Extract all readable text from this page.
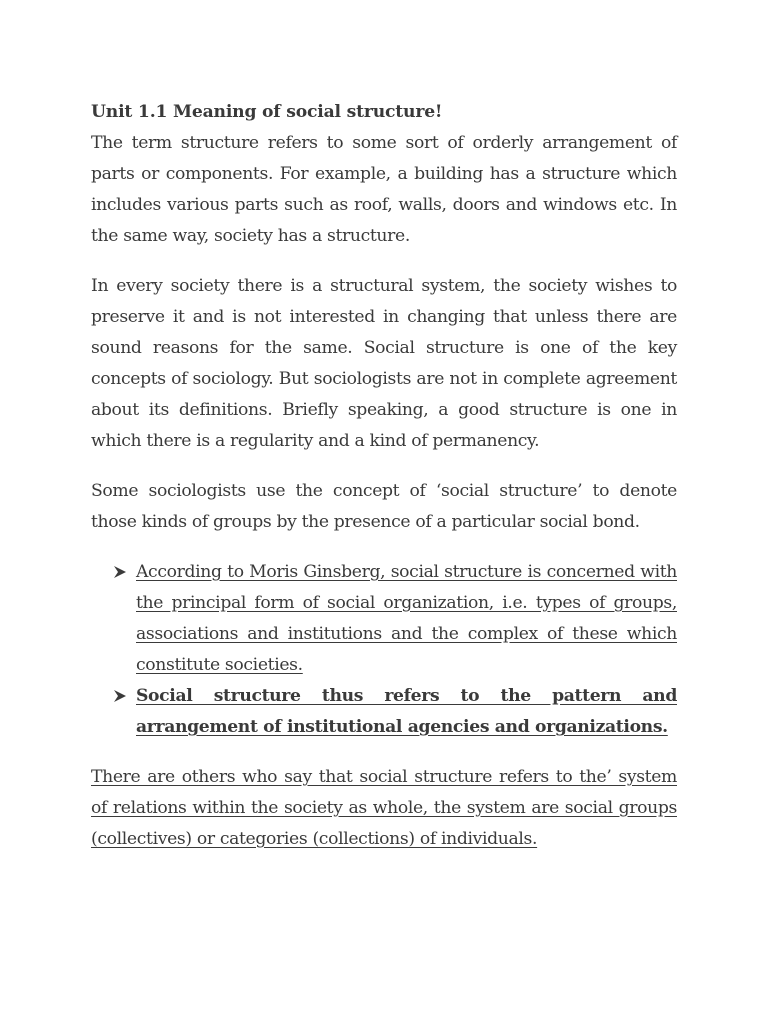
Unit 1.1 Meaning of social structure!

The term structure refers to some sort of orderly arrangement of parts or components. For example, a building has a structure which includes various parts such as roof, walls, doors and windows etc. In the same way, society has a structure.

In every society there is a structural system, the society wishes to preserve it and is not interested in changing that unless there are sound reasons for the same. Social structure is one of the key concepts of sociology. But sociologists are not in complete agreement about its definitions. Briefly speaking, a good structure is one in which there is a regularity and a kind of permanency.

Some sociologists use the concept of ‘social structure’ to denote those kinds of groups by the presence of a particular social bond.

According to Moris Ginsberg, social structure is concerned with the principal form of social organization, i.e. types of groups, associations and institutions and the complex of these which constitute societies.
Social structure thus refers to the pattern and arrangement of institutional agencies and organizations.

There are others who say that social structure refers to the’ system of relations within the society as whole, the system are social groups (collectives) or categories (collections) of individuals.
